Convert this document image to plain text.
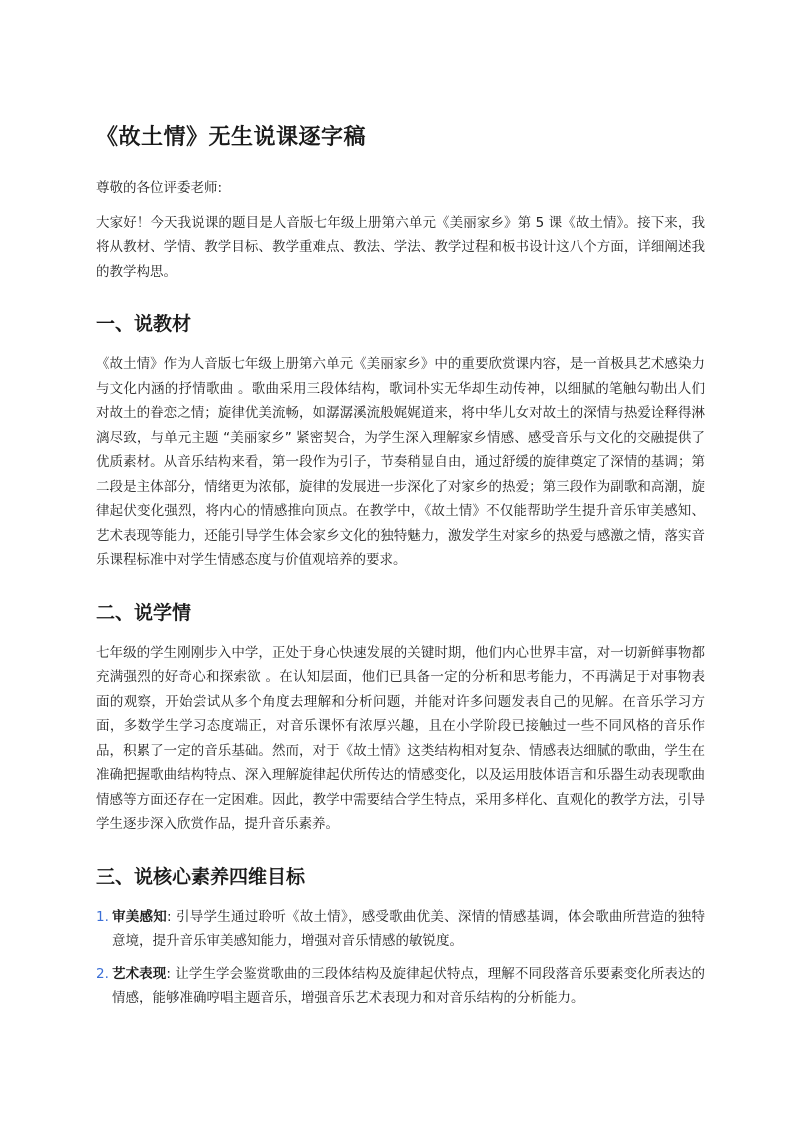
《故土情》无生说课逐字稿

尊敬的各位评委老师:

大家好！今天我说课的题目是人音版七年级上册第六单元《美丽家乡》第 5 课《故土情》。接下来，我将从教材、学情、教学目标、教学重难点、教法、学法、教学过程和板书设计这八个方面，详细阐述我的教学构思。

一、说教材

《故土情》作为人音版七年级上册第六单元《美丽家乡》中的重要欣赏课内容，是一首极具艺术感染力与文化内涵的抒情歌曲 。歌曲采用三段体结构，歌词朴实无华却生动传神，以细腻的笔触勾勒出人们对故土的眷恋之情；旋律优美流畅，如潺潺溪流般娓娓道来，将中华儿女对故土的深情与热爱诠释得淋漓尽致，与单元主题 “美丽家乡” 紧密契合，为学生深入理解家乡情感、感受音乐与文化的交融提供了优质素材。从音乐结构来看，第一段作为引子，节奏稍显自由，通过舒缓的旋律奠定了深情的基调；第二段是主体部分，情绪更为浓郁，旋律的发展进一步深化了对家乡的热爱；第三段作为副歌和高潮，旋律起伏变化强烈，将内心的情感推向顶点。在教学中，《故土情》不仅能帮助学生提升音乐审美感知、艺术表现等能力，还能引导学生体会家乡文化的独特魅力，激发学生对家乡的热爱与感激之情，落实音乐课程标准中对学生情感态度与价值观培养的要求。

二、说学情

七年级的学生刚刚步入中学，正处于身心快速发展的关键时期，他们内心世界丰富，对一切新鲜事物都充满强烈的好奇心和探索欲 。在认知层面，他们已具备一定的分析和思考能力，不再满足于对事物表面的观察，开始尝试从多个角度去理解和分析问题，并能对许多问题发表自己的见解。在音乐学习方面，多数学生学习态度端正，对音乐课怀有浓厚兴趣，且在小学阶段已接触过一些不同风格的音乐作品，积累了一定的音乐基础。然而，对于《故土情》这类结构相对复杂、情感表达细腻的歌曲，学生在准确把握歌曲结构特点、深入理解旋律起伏所传达的情感变化，以及运用肢体语言和乐器生动表现歌曲情感等方面还存在一定困难。因此，教学中需要结合学生特点，采用多样化、直观化的教学方法，引导学生逐步深入欣赏作品，提升音乐素养。

三、说核心素养四维目标
1. 审美感知: 引导学生通过聆听《故土情》，感受歌曲优美、深情的情感基调，体会歌曲所营造的独特意境，提升音乐审美感知能力，增强对音乐情感的敏锐度。
2. 艺术表现: 让学生学会鉴赏歌曲的三段体结构及旋律起伏特点，理解不同段落音乐要素变化所表达的情感，能够准确哼唱主题音乐，增强音乐艺术表现力和对音乐结构的分析能力。
